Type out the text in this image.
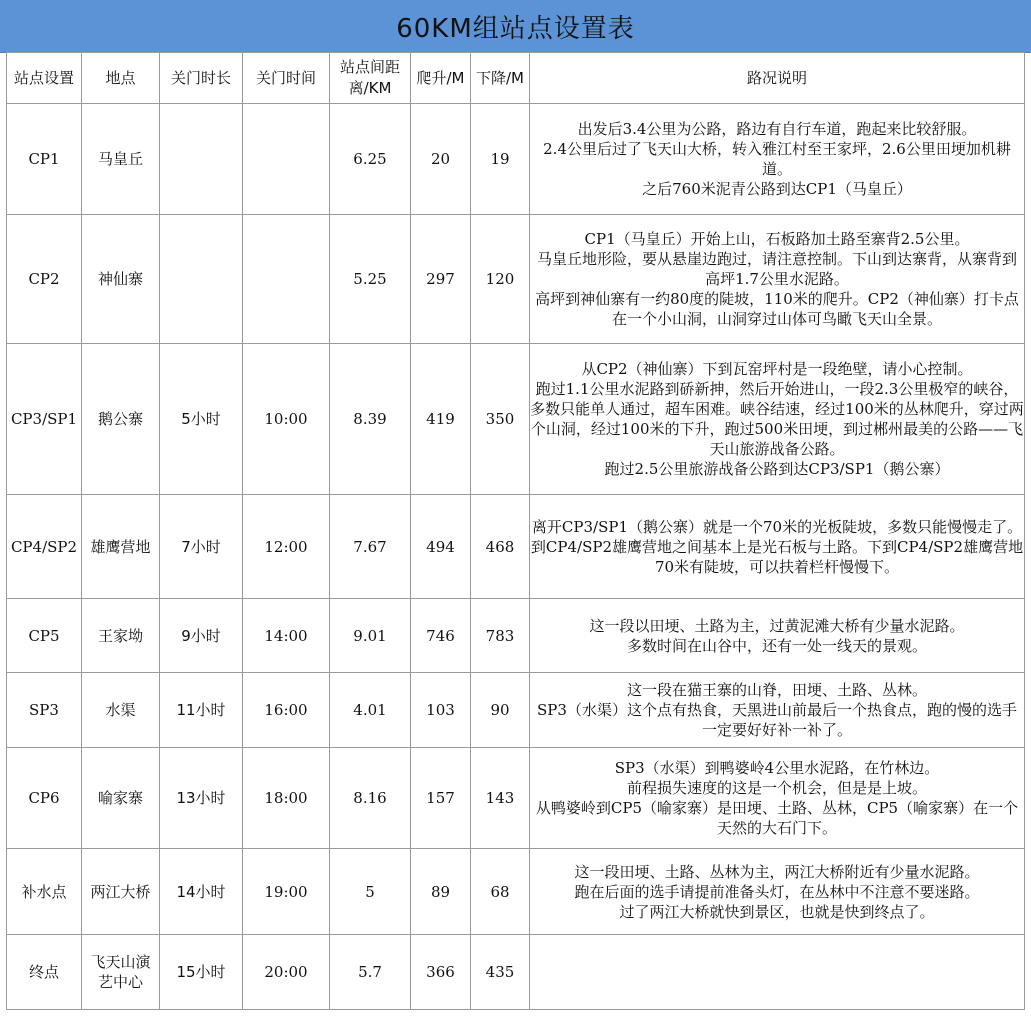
60KM组站点设置表
站点设置	地点	关门时长	关门时间	站点间距离/KM	爬升/M	下降/M	路况说明
CP1	马皇丘			6.25	20	19	出发后3.4公里为公路，路边有自行车道，跑起来比较舒服。
2.4公里后过了飞天山大桥，转入雅江村至王家坪，2.6公里田埂加机耕道。
之后760米泥青公路到达CP1（马皇丘）

CP2	神仙寨			5.25	297	120	CP1（马皇丘）开始上山，石板路加土路至寨背2.5公里。
马皇丘地形险，要从悬崖边跑过，请注意控制。下山到达寨背，从寨背到高坪1.7公里水泥路。
高坪到神仙寨有一约80度的陡坡，110米的爬升。CP2（神仙寨）打卡点在一个小山洞，山洞穿过山体可鸟瞰飞天山全景。

CP3/SP1	鹅公寨	5小时	10:00	8.39	419	350	从CP2（神仙寨）下到瓦窑坪村是一段绝壁，请小心控制。
跑过1.1公里水泥路到硚新抻，然后开始进山，一段2.3公里极窄的峡谷，多数只能单人通过，超车困难。峡谷结速，经过100米的丛林爬升，穿过两个山洞，经过100米的下升，跑过500米田埂，到过郴州最美的公路——飞天山旅游战备公路。
跑过2.5公里旅游战备公路到达CP3/SP1（鹅公寨）

CP4/SP2	雄鹰营地	7小时	12:00	7.67	494	468	离开CP3/SP1（鹅公寨）就是一个70米的光板陡坡，多数只能慢慢走了。
到CP4/SP2雄鹰营地之间基本上是光石板与土路。下到CP4/SP2雄鹰营地70米有陡坡，可以扶着栏杆慢慢下。

CP5	王家坳	9小时	14:00	9.01	746	783	这一段以田埂、土路为主，过黄泥滩大桥有少量水泥路。
多数时间在山谷中，还有一处一线天的景观。

SP3	水渠	11小时	16:00	4.01	103	90	这一段在猫王寨的山脊，田埂、土路、丛林。
SP3（水渠）这个点有热食，天黑进山前最后一个热食点，跑的慢的选手一定要好好补一补了。

CP6	喻家寨	13小时	18:00	8.16	157	143	SP3（水渠）到鸭婆岭4公里水泥路，在竹林边。
前程损失速度的这是一个机会，但是是上坡。
从鸭婆岭到CP5（喻家寨）是田埂、土路、丛林，CP5（喻家寨）在一个天然的大石门下。

补水点	两江大桥	14小时	19:00	5	89	68	这一段田埂、土路、丛林为主，两江大桥附近有少量水泥路。
跑在后面的选手请提前准备头灯，在丛林中不注意不要迷路。
过了两江大桥就快到景区，也就是快到终点了。

终点	飞天山演艺中心	15小时	20:00	5.7	366	435	
